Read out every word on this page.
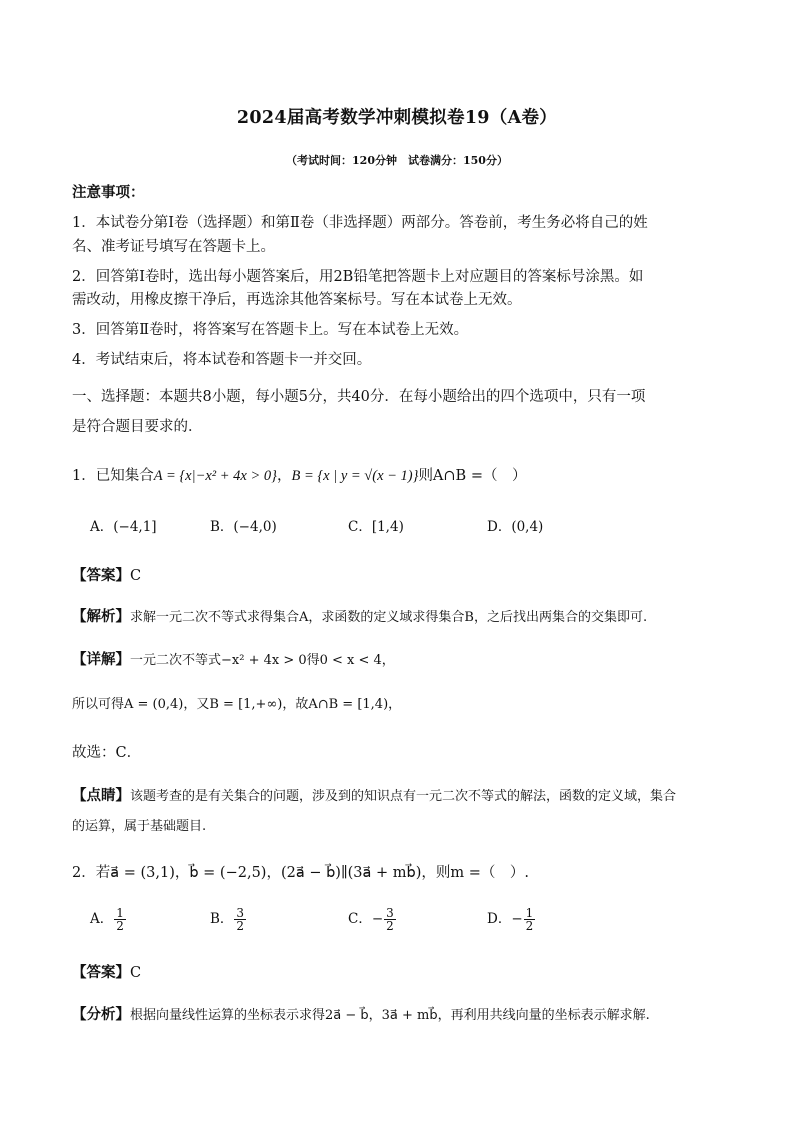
2024届高考数学冲刺模拟卷19（A卷）
（考试时间：120分钟　试卷满分：150分）
注意事项：
1．本试卷分第Ⅰ卷（选择题）和第Ⅱ卷（非选择题）两部分。答卷前，考生务必将自己的姓
名、准考证号填写在答题卡上。
2．回答第Ⅰ卷时，选出每小题答案后，用2B铅笔把答题卡上对应题目的答案标号涂黑。如
需改动，用橡皮擦干净后，再选涂其他答案标号。写在本试卷上无效。
3．回答第Ⅱ卷时，将答案写在答题卡上。写在本试卷上无效。
4．考试结束后，将本试卷和答题卡一并交回。
一、选择题：本题共8小题，每小题5分，共40分．在每小题给出的四个选项中，只有一项
是符合题目要求的．
1．已知集合A = {x|−x² + 4x > 0}，B = {x | y = √(x − 1)}则A∩B =（　）
A．(−4,1]	B．(−4,0)	C．[1,4)	D．(0,4)
【答案】C
【解析】求解一元二次不等式求得集合A，求函数的定义域求得集合B，之后找出两集合的交集即可.
【详解】一元二次不等式−x² + 4x > 0得0 < x < 4，
所以可得A = (0,4)，又B = [1,+∞)，故A∩B = [1,4)，
故选：C．
【点睛】该题考查的是有关集合的问题，涉及到的知识点有一元二次不等式的解法，函数的定义域，集合
的运算，属于基础题目.
2．若a⃗ = (3,1)，b⃗ = (−2,5)，(2a⃗ − b⃗)∥(3a⃗ + mb⃗)，则m =（　）.
A． $\frac{1}{2}$	B． $\frac{3}{2}$	C．− $\frac{3}{2}$	D．− $\frac{1}{2}$
【答案】C
【分析】根据向量线性运算的坐标表示求得2a⃗ − b⃗，3a⃗ + mb⃗，再利用共线向量的坐标表示解求解.
